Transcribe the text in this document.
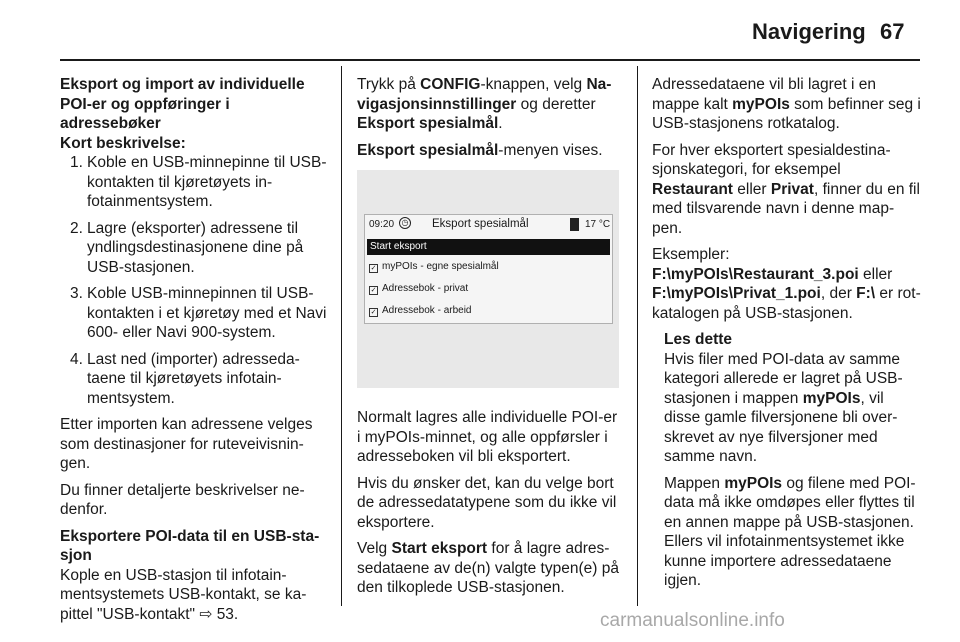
Navigering 67

Eksport og import av individuelle POI-er og oppføringer i adressebøker

Kort beskrivelse:

1. Koble en USB-minnepinne til USB-kontakten til kjøretøyets in-fotainmentsystem.
2. Lagre (eksporter) adressene til yndlingsdestinasjonene dine på USB-stasjonen.
3. Koble USB-minnepinnen til USB-kontakten i et kjøretøy med et Navi 600- eller Navi 900-system.
4. Last ned (importer) adresseda-taene til kjøretøyets infotain-mentsystem.

Etter importen kan adressene velges som destinasjoner for ruteveivisnin-gen.

Du finner detaljerte beskrivelser ne-denfor.

Eksportere POI-data til en USB-sta-sjon

Kople en USB-stasjon til infotain-mentsystemets USB-kontakt, se ka-pittel "USB-kontakt" ⇨ 53.

Trykk på CONFIG-knappen, velg Na-vigasjonsinnstillinger og deretter Eksport spesialmål.

Eksport spesialmål-menyen vises.

09:20 ◷ Eksport spesialmål	17 °C
Start eksport
✓ myPOIs - egne spesialmål
✓ Adressebok - privat
✓ Adressebok - arbeid

Normalt lagres alle individuelle POI-er i myPOIs-minnet, og alle oppførsler i adresseboken vil bli eksportert.

Hvis du ønsker det, kan du velge bort de adressedatatypene som du ikke vil eksportere.

Velg Start eksport for å lagre adres-sedataene av de(n) valgte typen(e) på den tilkoplede USB-stasjonen.

Adressedataene vil bli lagret i en mappe kalt myPOIs som befinner seg i USB-stasjonens rotkatalog.

For hver eksportert spesialdestina-sjonskategori, for eksempel Restaurant eller Privat, finner du en fil med tilsvarende navn i denne map-pen.

Eksempler:
F:\myPOIs\Restaurant_3.poi eller
F:\myPOIs\Privat_1.poi, der F:\ er rot-katalogen på USB-stasjonen.

Les dette

Hvis filer med POI-data av samme kategori allerede er lagret på USB-stasjonen i mappen myPOIs, vil disse gamle filversjonene bli over-skrevet av nye filversjoner med samme navn.

Mappen myPOIs og filene med POI-data må ikke omdøpes eller flyttes til en annen mappe på USB-stasjonen. Ellers vil infotainmentsystemet ikke kunne importere adressedataene igjen.

carmanualsonline.info
